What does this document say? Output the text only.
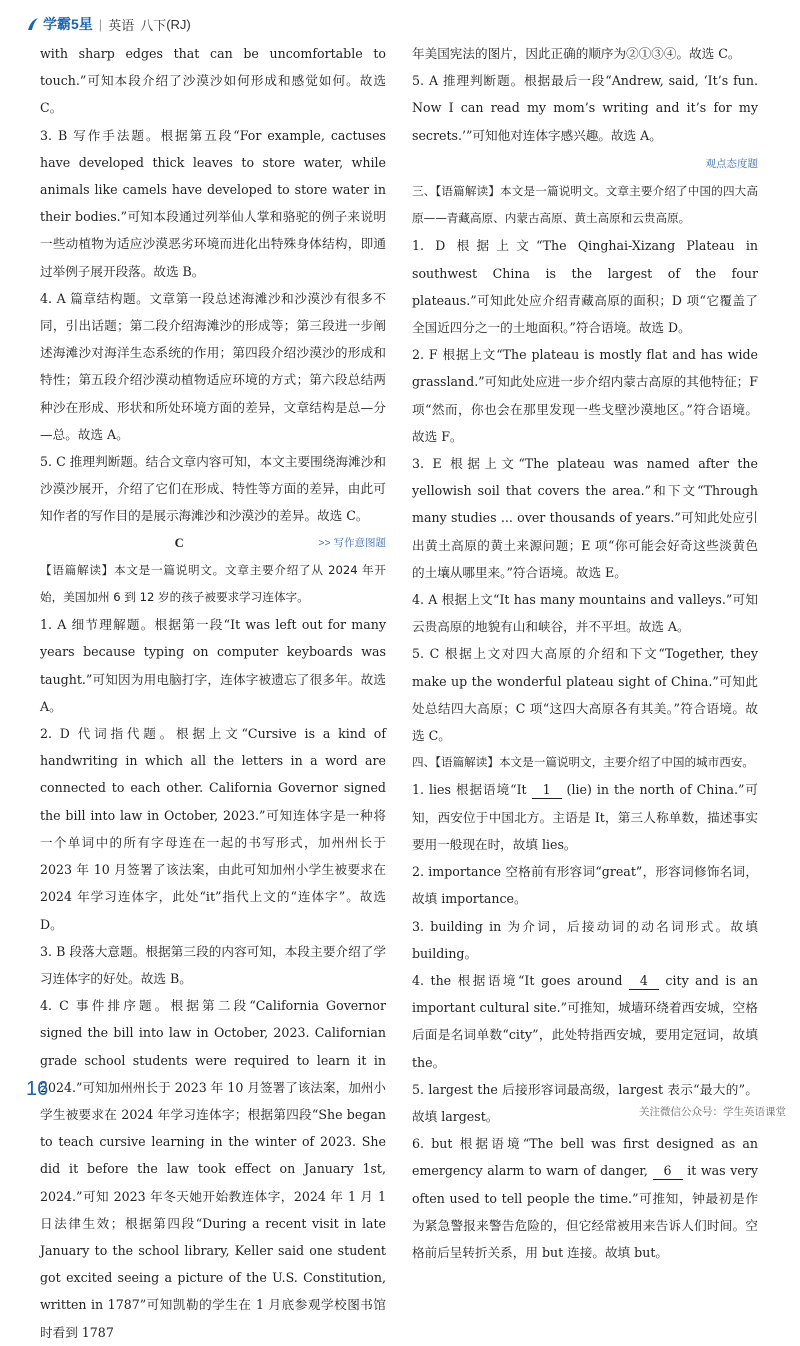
学霸5星 | 英语 八下 (RJ)

with sharp edges that can be uncomfortable to touch.”可知本段介绍了沙漠沙如何形成和感觉如何。故选 C。

3. B 写作手法题。根据第五段“For example, cactuses have developed thick leaves to store water, while animals like camels have developed to store water in their bodies.”可知本段通过列举仙人掌和骆驼的例子来说明一些动植物为适应沙漠恶劣环境而进化出特殊身体结构，即通过举例子展开段落。故选 B。

4. A 篇章结构题。文章第一段总述海滩沙和沙漠沙有很多不同，引出话题；第二段介绍海滩沙的形成等；第三段进一步阐述海滩沙对海洋生态系统的作用；第四段介绍沙漠沙的形成和特性；第五段介绍沙漠动植物适应环境的方式；第六段总结两种沙在形成、形状和所处环境方面的差异，文章结构是总—分—总。故选 A。

5. C 推理判断题。结合文章内容可知，本文主要围绕海滩沙和沙漠沙展开，介绍了它们在形成、特性等方面的差异，由此可知作者的写作目的是展示海滩沙和沙漠沙的差异。故选 C。
>> 写作意图题

C

【语篇解读】本文是一篇说明文。文章主要介绍了从 2024 年开始，美国加州 6 到 12 岁的孩子被要求学习连体字。

1. A 细节理解题。根据第一段“It was left out for many years because typing on computer keyboards was taught.”可知因为用电脑打字，连体字被遗忘了很多年。故选 A。

2. D 代词指代题。根据上文“Cursive is a kind of handwriting in which all the letters in a word are connected to each other. California Governor signed the bill into law in October, 2023.”可知连体字是一种将一个单词中的所有字母连在一起的书写形式，加州州长于 2023 年 10 月签署了该法案，由此可知加州小学生被要求在 2024 年学习连体字，此处“it”指代上文的“连体字”。故选 D。

3. B 段落大意题。根据第三段的内容可知，本段主要介绍了学习连体字的好处。故选 B。

4. C 事件排序题。根据第二段“California Governor signed the bill into law in October, 2023. Californian grade school students were required to learn it in 2024.”可知加州州长于 2023 年 10 月签署了该法案，加州小学生被要求在 2024 年学习连体字；根据第四段“She began to teach cursive learning in the winter of 2023. She did it before the law took effect on January 1st, 2024.”可知 2023 年冬天她开始教连体字，2024 年 1 月 1 日法律生效；根据第四段“During a recent visit in late January to the school library, Keller said one student got excited seeing a picture of the U.S. Constitution, written in 1787”可知凯勒的学生在 1 月底参观学校图书馆时看到 1787

年美国宪法的图片，因此正确的顺序为②①③④。故选 C。

5. A 推理判断题。根据最后一段“Andrew, said, ‘It’s fun. Now I can read my mom’s writing and it’s for my secrets.’”可知他对连体字感兴趣。故选 A。

观点态度题

三、【语篇解读】本文是一篇说明文。文章主要介绍了中国的四大高原——青藏高原、内蒙古高原、黄土高原和云贵高原。

1. D 根据上文“The Qinghai-Xizang Plateau in southwest China is the largest of the four plateaus.”可知此处应介绍青藏高原的面积；D 项“它覆盖了全国近四分之一的土地面积。”符合语境。故选 D。

2. F 根据上文“The plateau is mostly flat and has wide grassland.”可知此处应进一步介绍内蒙古高原的其他特征；F 项“然而，你也会在那里发现一些戈壁沙漠地区。”符合语境。故选 F。

3. E 根据上文“The plateau was named after the yellowish soil that covers the area.”和下文“Through many studies ... over thousands of years.”可知此处应引出黄土高原的黄土来源问题；E 项“你可能会好奇这些淡黄色的土壤从哪里来。”符合语境。故选 E。

4. A 根据上文“It has many mountains and valleys.”可知云贵高原的地貌有山和峡谷，并不平坦。故选 A。

5. C 根据上文对四大高原的介绍和下文“Together, they make up the wonderful plateau sight of China.”可知此处总结四大高原；C 项“这四大高原各有其美。”符合语境。故选 C。

四、【语篇解读】本文是一篇说明文，主要介绍了中国的城市西安。

1. lies 根据语境“It 1 (lie) in the north of China.”可知，西安位于中国北方。主语是 It，第三人称单数，描述事实要用一般现在时，故填 lies。

2. importance 空格前有形容词“great”，形容词修饰名词，故填 importance。

3. building in 为介词，后接动词的动名词形式。故填 building。

4. the 根据语境“It goes around 4 city and is an important cultural site.”可推知，城墙环绕着西安城，空格后面是名词单数“city”，此处特指西安城，要用定冠词，故填 the。

5. largest the 后接形容词最高级，largest 表示“最大的”。故填 largest。

6. but 根据语境“The bell was first designed as an emergency alarm to warn of danger, 6 it was very often used to tell people the time.”可推知，钟最初是作为紧急警报来警告危险的，但它经常被用来告诉人们时间。空格前后呈转折关系，用 but 连接。故填 but。

16
关注微信公众号：学生英语课堂
